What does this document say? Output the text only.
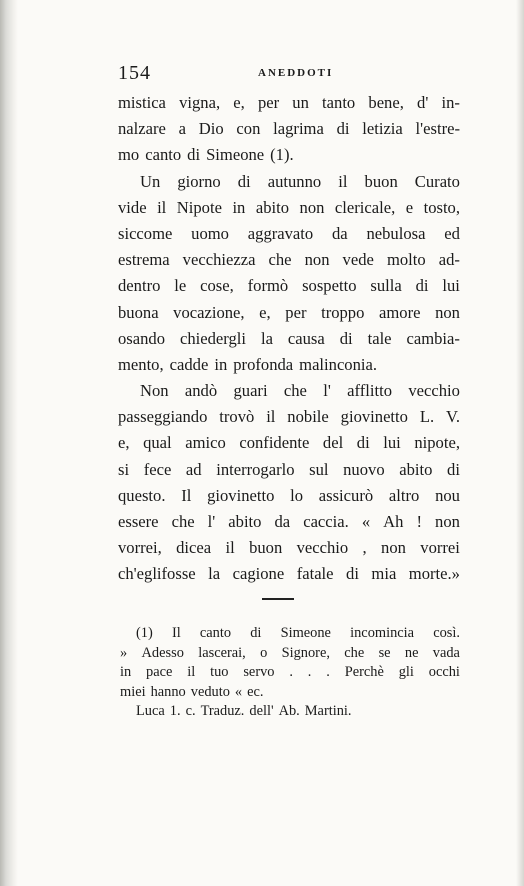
154	ANEDDOTI
mistica vigna, e, per un tanto bene, d' in-
nalzare a Dio con lagrima di letizia l'estre-
mo canto di Simeone (1).
Un giorno di autunno il buon Curato
vide il Nipote in abito non clericale, e tosto,
siccome uomo aggravato da nebulosa ed
estrema vecchiezza che non vede molto ad-
dentro le cose, formò sospetto sulla di lui
buona vocazione, e, per troppo amore non
osando chiedergli la causa di tale cambia-
mento, cadde in profonda malinconia.
Non andò guari che l' afflitto vecchio
passeggiando trovò il nobile giovinetto L. V.
e, qual amico confidente del di lui nipote,
si fece ad interrogarlo sul nuovo abito di
questo. Il giovinetto lo assicurò altro nou
essere che l' abito da caccia. « Ah ! non
vorrei, dicea il buon vecchio , non vorrei
ch'eglifosse la cagione fatale di mia morte.»
(1) Il canto di Simeone incomincia così.
» Adesso lascerai, o Signore, che se ne vada
in pace il tuo servo . . . Perchè gli occhi
miei hanno veduto « ec.
Luca 1. c. Traduz. dell' Ab. Martini.
